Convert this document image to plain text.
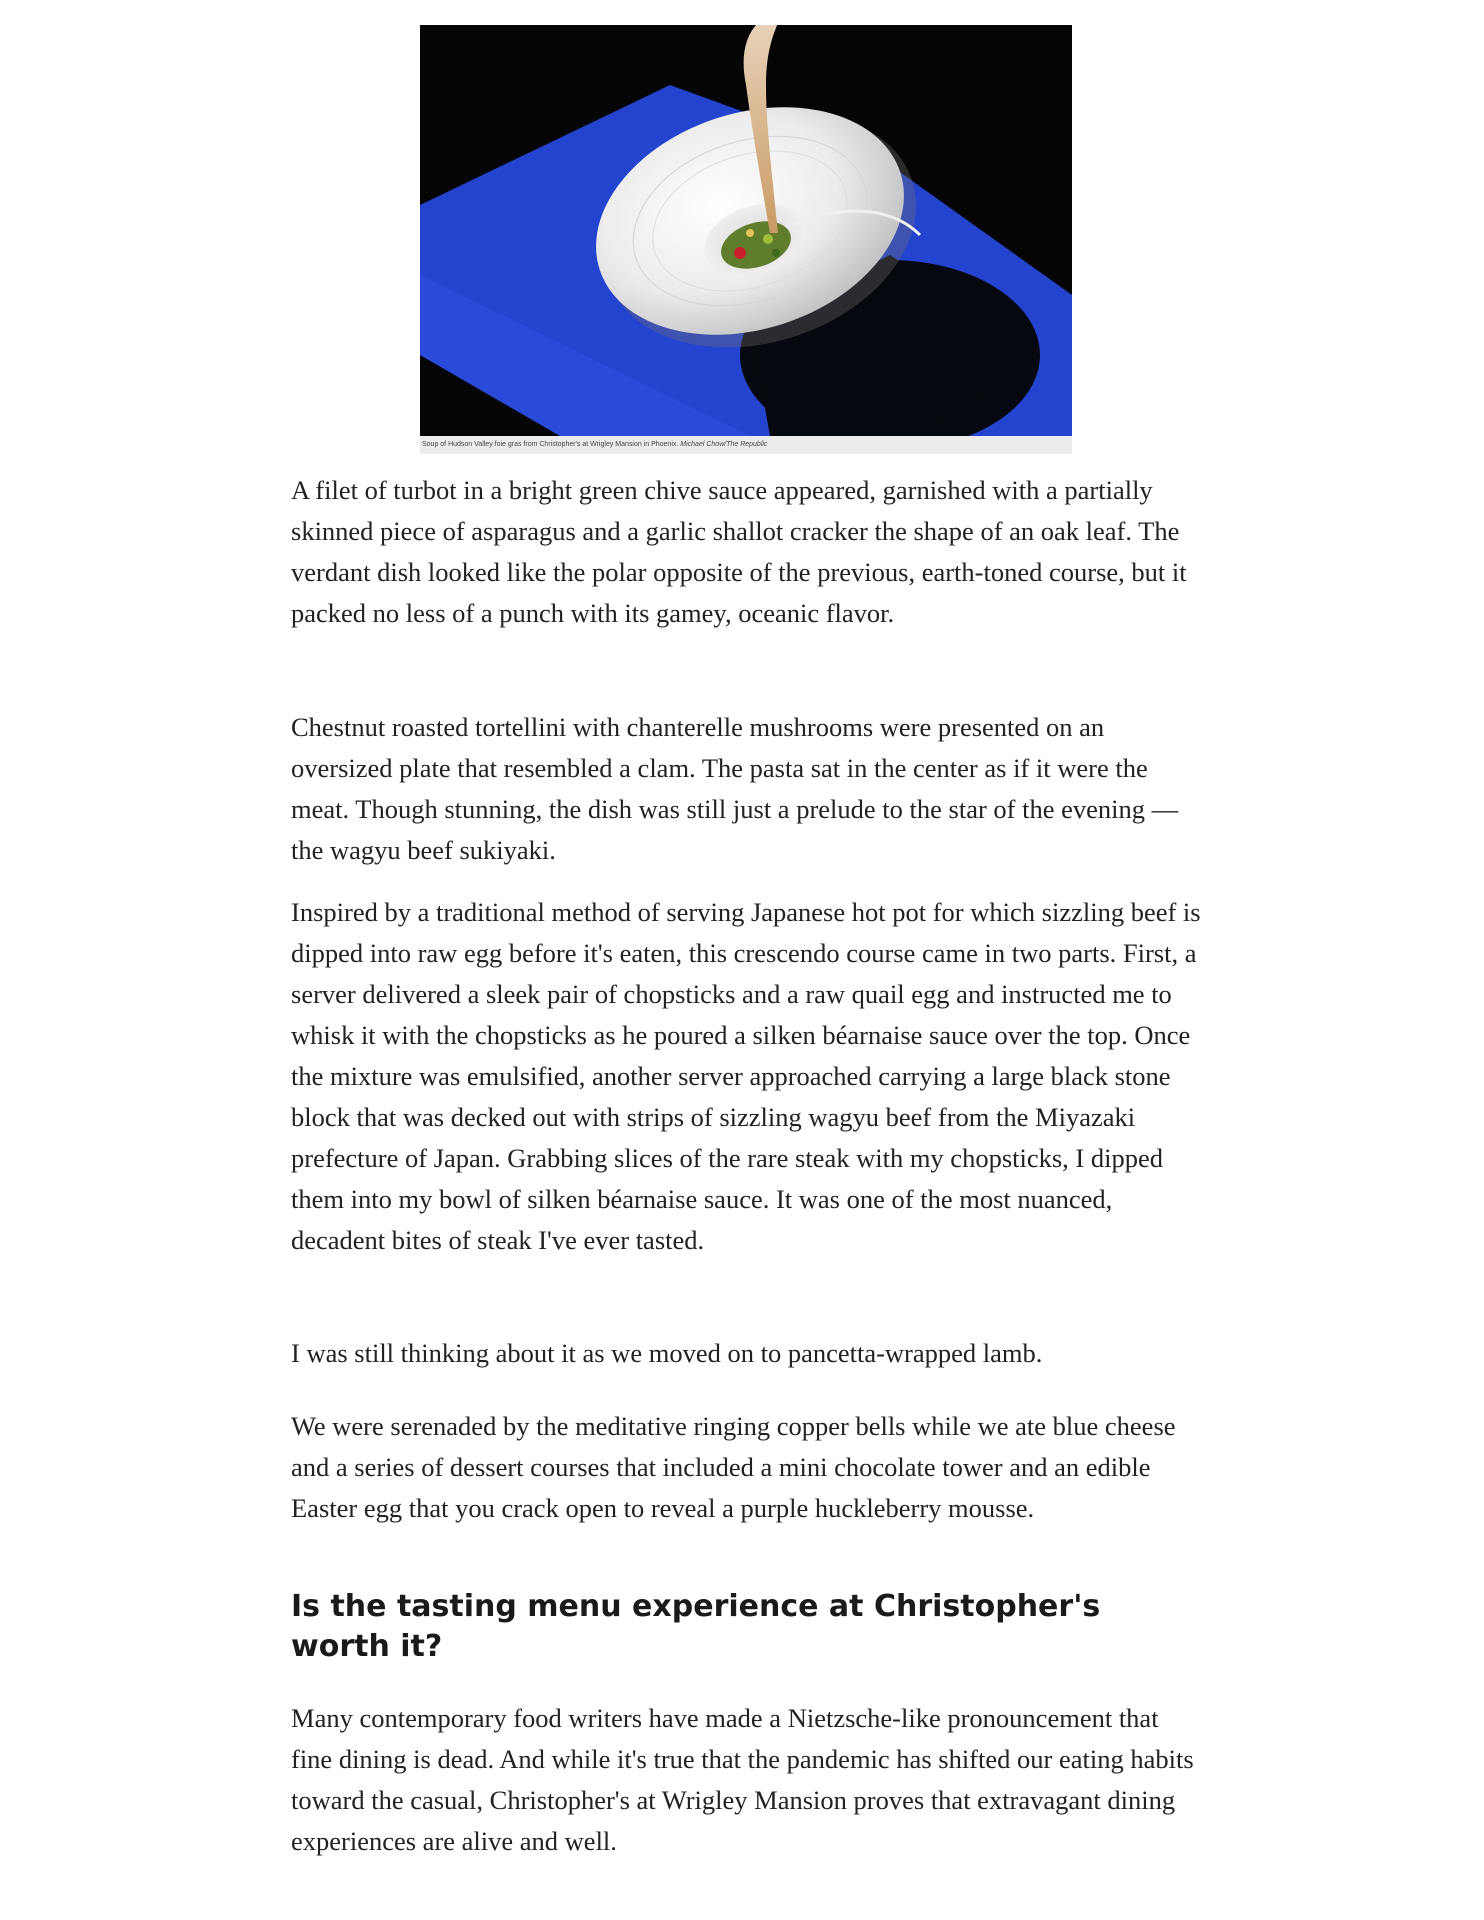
Soup of Hudson Valley foie gras from Christopher's at Wrigley Mansion in Phoenix. Michael Chow/The Republic

A filet of turbot in a bright green chive sauce appeared, garnished with a partially skinned piece of asparagus and a garlic shallot cracker the shape of an oak leaf. The verdant dish looked like the polar opposite of the previous, earth-toned course, but it packed no less of a punch with its gamey, oceanic flavor.

Chestnut roasted tortellini with chanterelle mushrooms were presented on an oversized plate that resembled a clam. The pasta sat in the center as if it were the meat. Though stunning, the dish was still just a prelude to the star of the evening — the wagyu beef sukiyaki.

Inspired by a traditional method of serving Japanese hot pot for which sizzling beef is dipped into raw egg before it's eaten, this crescendo course came in two parts. First, a server delivered a sleek pair of chopsticks and a raw quail egg and instructed me to whisk it with the chopsticks as he poured a silken béarnaise sauce over the top. Once the mixture was emulsified, another server approached carrying a large black stone block that was decked out with strips of sizzling wagyu beef from the Miyazaki prefecture of Japan. Grabbing slices of the rare steak with my chopsticks, I dipped them into my bowl of silken béarnaise sauce. It was one of the most nuanced, decadent bites of steak I've ever tasted.

I was still thinking about it as we moved on to pancetta-wrapped lamb.

We were serenaded by the meditative ringing copper bells while we ate blue cheese and a series of dessert courses that included a mini chocolate tower and an edible Easter egg that you crack open to reveal a purple huckleberry mousse.

Is the tasting menu experience at Christopher's worth it?

Many contemporary food writers have made a Nietzsche-like pronouncement that fine dining is dead. And while it's true that the pandemic has shifted our eating habits toward the casual, Christopher's at Wrigley Mansion proves that extravagant dining experiences are alive and well.
